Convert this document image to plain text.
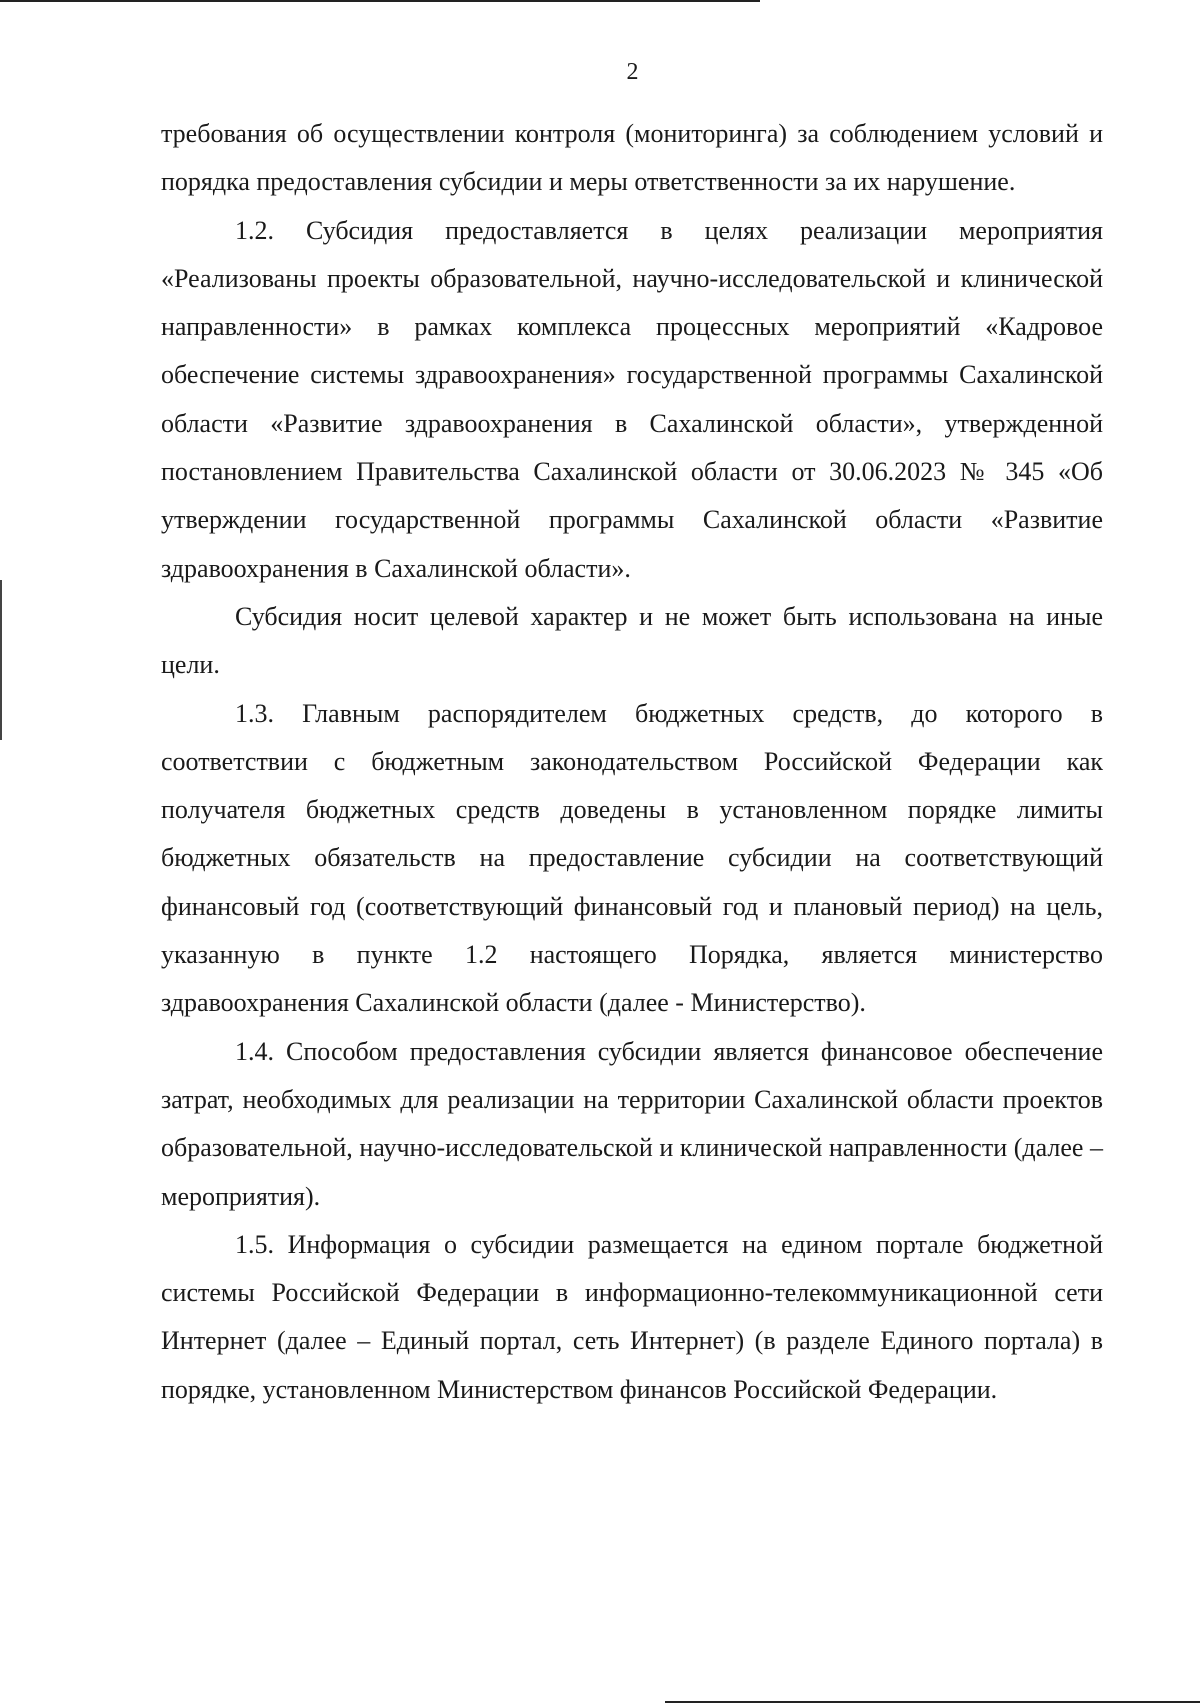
2

требования об осуществлении контроля (мониторинга) за соблюдением условий и порядка предоставления субсидии и меры ответственности за их нарушение.

1.2. Субсидия предоставляется в целях реализации мероприятия «Реализованы проекты образовательной, научно-исследовательской и клинической направленности» в рамках комплекса процессных мероприятий «Кадровое обеспечение системы здравоохранения» государственной программы Сахалинской области «Развитие здравоохранения в Сахалинской области», утвержденной постановлением Правительства Сахалинской области от 30.06.2023 № 345 «Об утверждении государственной программы Сахалинской области «Развитие здравоохранения в Сахалинской области».

Субсидия носит целевой характер и не может быть использована на иные цели.

1.3. Главным распорядителем бюджетных средств, до которого в соответствии с бюджетным законодательством Российской Федерации как получателя бюджетных средств доведены в установленном порядке лимиты бюджетных обязательств на предоставление субсидии на соответствующий финансовый год (соответствующий финансовый год и плановый период) на цель, указанную в пункте 1.2 настоящего Порядка, является министерство здравоохранения Сахалинской области (далее - Министерство).

1.4. Способом предоставления субсидии является финансовое обеспечение затрат, необходимых для реализации на территории Сахалинской области проектов образовательной, научно-исследовательской и клинической направленности (далее – мероприятия).

1.5. Информация о субсидии размещается на едином портале бюджетной системы Российской Федерации в информационно-телекоммуникационной сети Интернет (далее – Единый портал, сеть Интернет) (в разделе Единого портала) в порядке, установленном Министерством финансов Российской Федерации.
